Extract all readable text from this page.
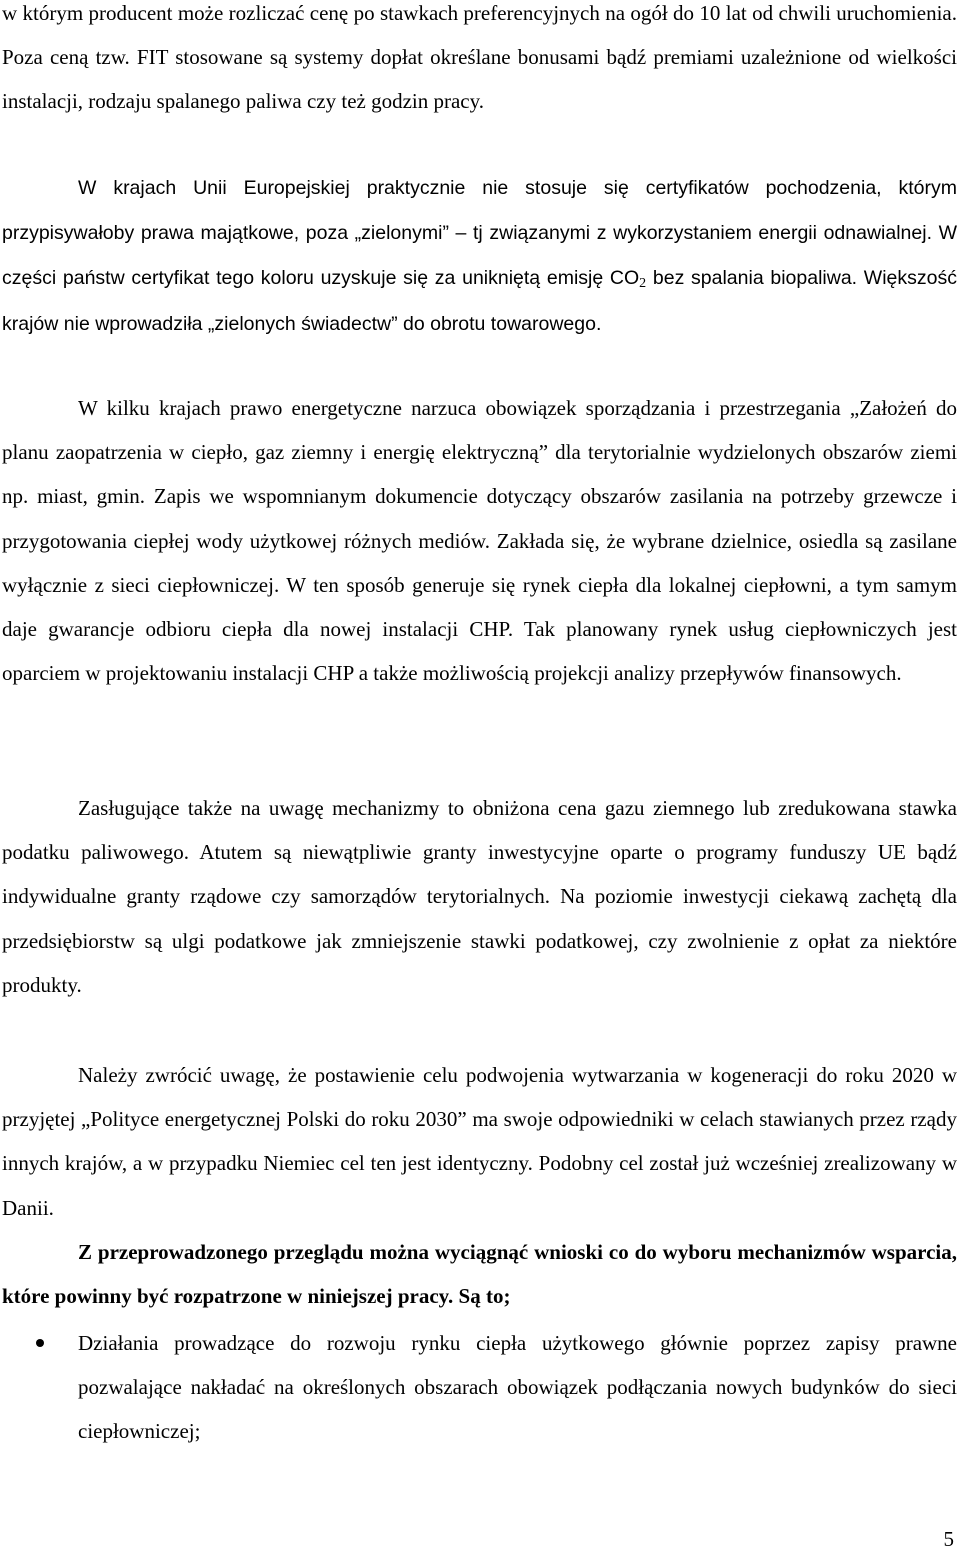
w którym producent może rozliczać cenę po stawkach preferencyjnych na ogół do 10 lat od chwili uruchomienia. Poza ceną tzw. FIT stosowane są systemy dopłat określane bonusami bądź premiami uzależnione od wielkości instalacji, rodzaju spalanego paliwa czy też godzin pracy.

W krajach Unii Europejskiej praktycznie nie stosuje się certyfikatów pochodzenia, którym przypisywałoby prawa majątkowe, poza „zielonymi” – tj związanymi z wykorzystaniem energii odnawialnej. W części państw certyfikat tego koloru uzyskuje się za unikniętą emisję $CO_2$ bez spalania biopaliwa. Większość krajów nie wprowadziła „zielonych świadectw” do obrotu towarowego.

W kilku krajach prawo energetyczne narzuca obowiązek sporządzania i przestrzegania „Założeń do planu zaopatrzenia w ciepło, gaz ziemny i energię elektryczną” dla terytorialnie wydzielonych obszarów ziemi np. miast, gmin. Zapis we wspomnianym dokumencie dotyczący obszarów zasilania na potrzeby grzewcze i przygotowania ciepłej wody użytkowej różnych mediów. Zakłada się, że wybrane dzielnice, osiedla są zasilane wyłącznie z sieci ciepłowniczej. W ten sposób generuje się rynek ciepła dla lokalnej ciepłowni, a tym samym daje gwarancje odbioru ciepła dla nowej instalacji CHP. Tak planowany rynek usług ciepłowniczych jest oparciem w projektowaniu instalacji CHP a także możliwością projekcji analizy przepływów finansowych.

Zasługujące także na uwagę mechanizmy to obniżona cena gazu ziemnego lub zredukowana stawka podatku paliwowego. Atutem są niewątpliwie granty inwestycyjne oparte o programy funduszy UE bądź indywidualne granty rządowe czy samorządów terytorialnych. Na poziomie inwestycji ciekawą zachętą dla przedsiębiorstw są ulgi podatkowe jak zmniejszenie stawki podatkowej, czy zwolnienie z opłat za niektóre produkty.

Należy zwrócić uwagę, że postawienie celu podwojenia wytwarzania w kogeneracji do roku 2020 w przyjętej „Polityce energetycznej Polski do roku 2030” ma swoje odpowiedniki w celach stawianych przez rządy innych krajów, a w przypadku Niemiec cel ten jest identyczny. Podobny cel został już wcześniej zrealizowany w Danii.

Z przeprowadzonego przeglądu można wyciągnąć wnioski co do wyboru mechanizmów wsparcia, które powinny być rozpatrzone w niniejszej pracy. Są to;

Działania prowadzące do rozwoju rynku ciepła użytkowego głównie poprzez zapisy prawne pozwalające nakładać na określonych obszarach obowiązek podłączania nowych budynków do sieci ciepłowniczej;
5
